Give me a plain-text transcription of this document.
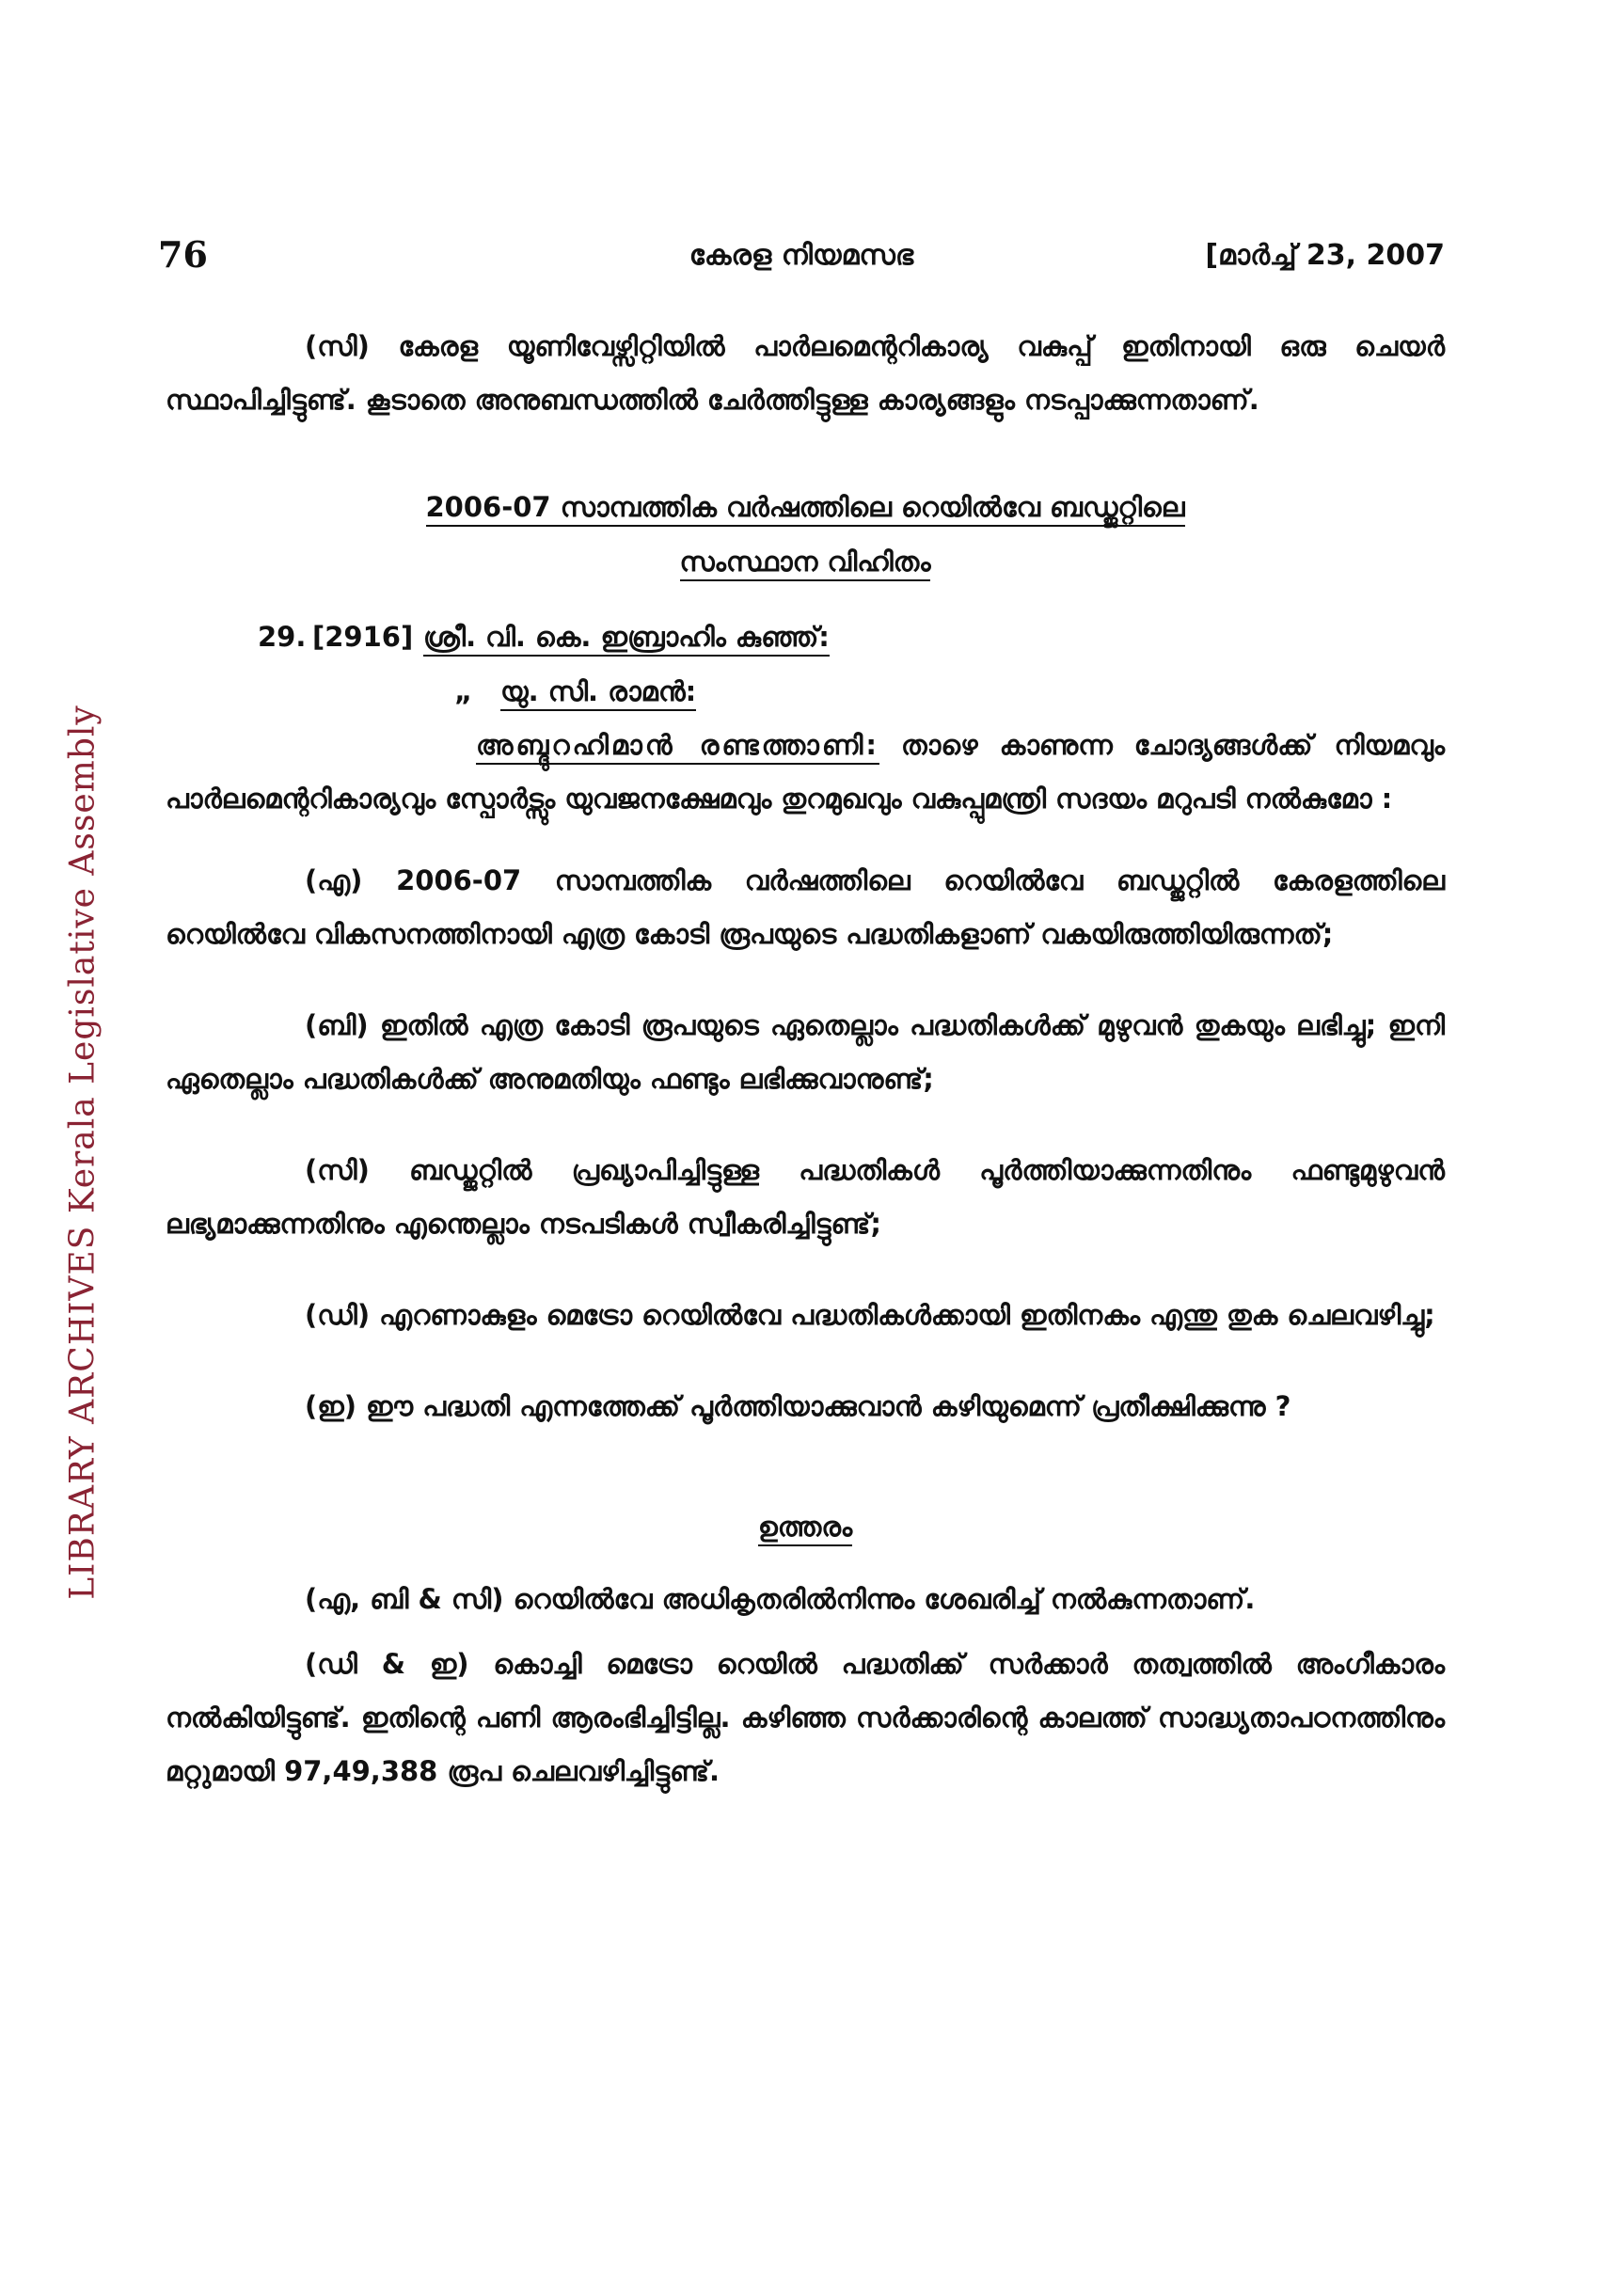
LIBRARY ARCHIVES Kerala Legislative Assembly
76	കേരള നിയമസഭ	[മാർച്ച് 23, 2007

(സി) കേരള യൂണിവേഴ്സിറ്റിയിൽ പാർലമെന്ററികാര്യ വകുപ്പ് ഇതിനായി ഒരു ചെയർ സ്ഥാപിച്ചിട്ടുണ്ട്. കൂടാതെ അനുബന്ധത്തിൽ ചേർത്തിട്ടുള്ള കാര്യങ്ങളും നടപ്പാക്കുന്നതാണ്.

2006-07 സാമ്പത്തിക വർഷത്തിലെ റെയിൽവേ ബഡ്ജറ്റിലെ
സംസ്ഥാന വിഹിതം

29. [2916] ശ്രീ. വി. കെ. ഇബ്രാഹിം കുഞ്ഞ്:

„ യു. സി. രാമൻ:

അബ്ദുറഹിമാൻ രണ്ടത്താണി: താഴെ കാണുന്ന ചോദ്യങ്ങൾക്ക് നിയമവും പാർലമെന്ററികാര്യവും സ്പോർട്സും യുവജനക്ഷേമവും തുറമുഖവും വകുപ്പുമന്ത്രി സദയം മറുപടി നൽകുമോ :

(എ) 2006-07 സാമ്പത്തിക വർഷത്തിലെ റെയിൽവേ ബഡ്ജറ്റിൽ കേരളത്തിലെ റെയിൽവേ വികസനത്തിനായി എത്ര കോടി രൂപയുടെ പദ്ധതികളാണ് വകയിരുത്തിയിരുന്നത്;

(ബി) ഇതിൽ എത്ര കോടി രൂപയുടെ ഏതെല്ലാം പദ്ധതികൾക്ക് മുഴുവൻ തുകയും ലഭിച്ചു; ഇനി ഏതെല്ലാം പദ്ധതികൾക്ക് അനുമതിയും ഫണ്ടും ലഭിക്കുവാനുണ്ട്;

(സി) ബഡ്ജറ്റിൽ പ്രഖ്യാപിച്ചിട്ടുള്ള പദ്ധതികൾ പൂർത്തിയാക്കുന്നതിനും ഫണ്ടുമുഴുവൻ ലഭ്യമാക്കുന്നതിനും എന്തെല്ലാം നടപടികൾ സ്വീകരിച്ചിട്ടുണ്ട്;

(ഡി) എറണാകുളം മെട്രോ റെയിൽവേ പദ്ധതികൾക്കായി ഇതിനകം എന്തു തുക ചെലവഴിച്ചു;

(ഇ) ഈ പദ്ധതി എന്നത്തേക്ക് പൂർത്തിയാക്കുവാൻ കഴിയുമെന്ന് പ്രതീക്ഷിക്കുന്നു ?

ഉത്തരം

(എ, ബി & സി) റെയിൽവേ അധികൃതരിൽനിന്നും ശേഖരിച്ച് നൽകുന്നതാണ്.

(ഡി & ഇ) കൊച്ചി മെട്രോ റെയിൽ പദ്ധതിക്ക് സർക്കാർ തത്വത്തിൽ അംഗീകാരം നൽകിയിട്ടുണ്ട്. ഇതിന്റെ പണി ആരംഭിച്ചിട്ടില്ല. കഴിഞ്ഞ സർക്കാരിന്റെ കാലത്ത് സാദ്ധ്യതാപഠനത്തിനും മറ്റുമായി 97,49,388 രൂപ ചെലവഴിച്ചിട്ടുണ്ട്.
